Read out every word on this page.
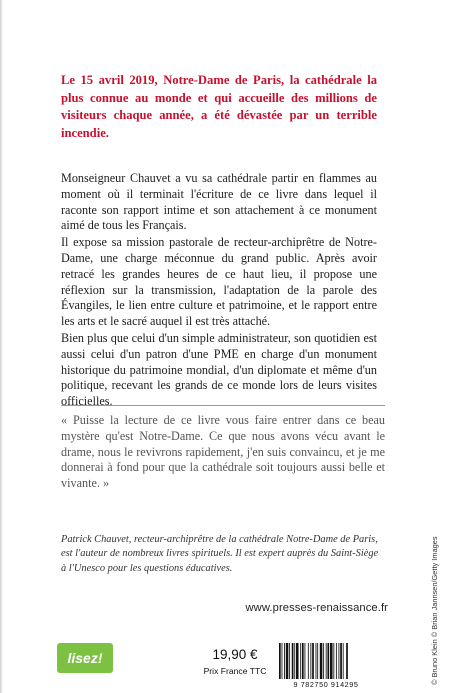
Le 15 avril 2019, Notre-Dame de Paris, la cathédrale la plus connue au monde et qui accueille des millions de visiteurs chaque année, a été dévastée par un terrible incendie.

Monseigneur Chauvet a vu sa cathédrale partir en flammes au moment où il terminait l'écriture de ce livre dans lequel il raconte son rapport intime et son attachement à ce monument aimé de tous les Français.

Il expose sa mission pastorale de recteur-archiprêtre de Notre-Dame, une charge méconnue du grand public. Après avoir retracé les grandes heures de ce haut lieu, il propose une réflexion sur la transmission, l'adaptation de la parole des Évangiles, le lien entre culture et patrimoine, et le rapport entre les arts et le sacré auquel il est très attaché.

Bien plus que celui d'un simple administrateur, son quotidien est aussi celui d'un patron d'une PME en charge d'un monument historique du patrimoine mondial, d'un diplomate et même d'un politique, recevant les grands de ce monde lors de leurs visites officielles.

« Puisse la lecture de ce livre vous faire entrer dans ce beau mystère qu'est Notre-Dame. Ce que nous avons vécu avant le drame, nous le revivrons rapidement, j'en suis convaincu, et je me donnerai à fond pour que la cathédrale soit toujours aussi belle et vivante. »

Patrick Chauvet, recteur-archiprêtre de la cathédrale Notre-Dame de Paris, est l'auteur de nombreux livres spirituels. Il est expert auprès du Saint-Siège à l'Unesco pour les questions éducatives.

www.presses-renaissance.fr
lisez!	19,90 €
Prix France TTC
9 782750 914295	© Bruno Klein © Brian Jannsen/Getty Images
